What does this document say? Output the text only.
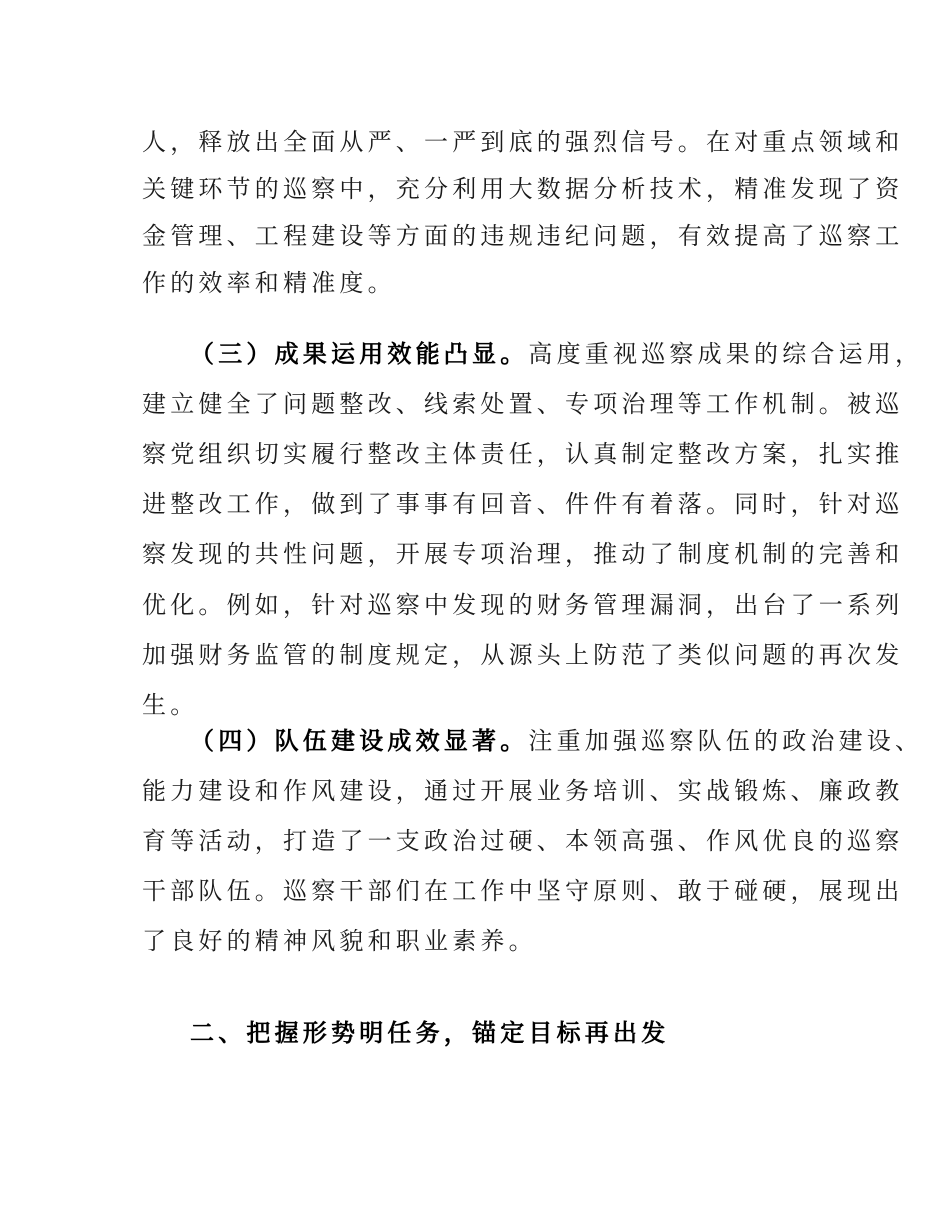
人，释放出全面从严、一严到底的强烈信号。在对重点领域和
关键环节的巡察中，充分利用大数据分析技术，精准发现了资
金管理、工程建设等方面的违规违纪问题，有效提高了巡察工
作的效率和精准度。
（三）成果运用效能凸显。高度重视巡察成果的综合运用，
建立健全了问题整改、线索处置、专项治理等工作机制。被巡
察党组织切实履行整改主体责任，认真制定整改方案，扎实推
进整改工作，做到了事事有回音、件件有着落。同时，针对巡
察发现的共性问题，开展专项治理，推动了制度机制的完善和
优化。例如，针对巡察中发现的财务管理漏洞，出台了一系列
加强财务监管的制度规定，从源头上防范了类似问题的再次发
生。
（四）队伍建设成效显著。注重加强巡察队伍的政治建设、
能力建设和作风建设，通过开展业务培训、实战锻炼、廉政教
育等活动，打造了一支政治过硬、本领高强、作风优良的巡察
干部队伍。巡察干部们在工作中坚守原则、敢于碰硬，展现出
了良好的精神风貌和职业素养。
二、把握形势明任务，锚定目标再出发
